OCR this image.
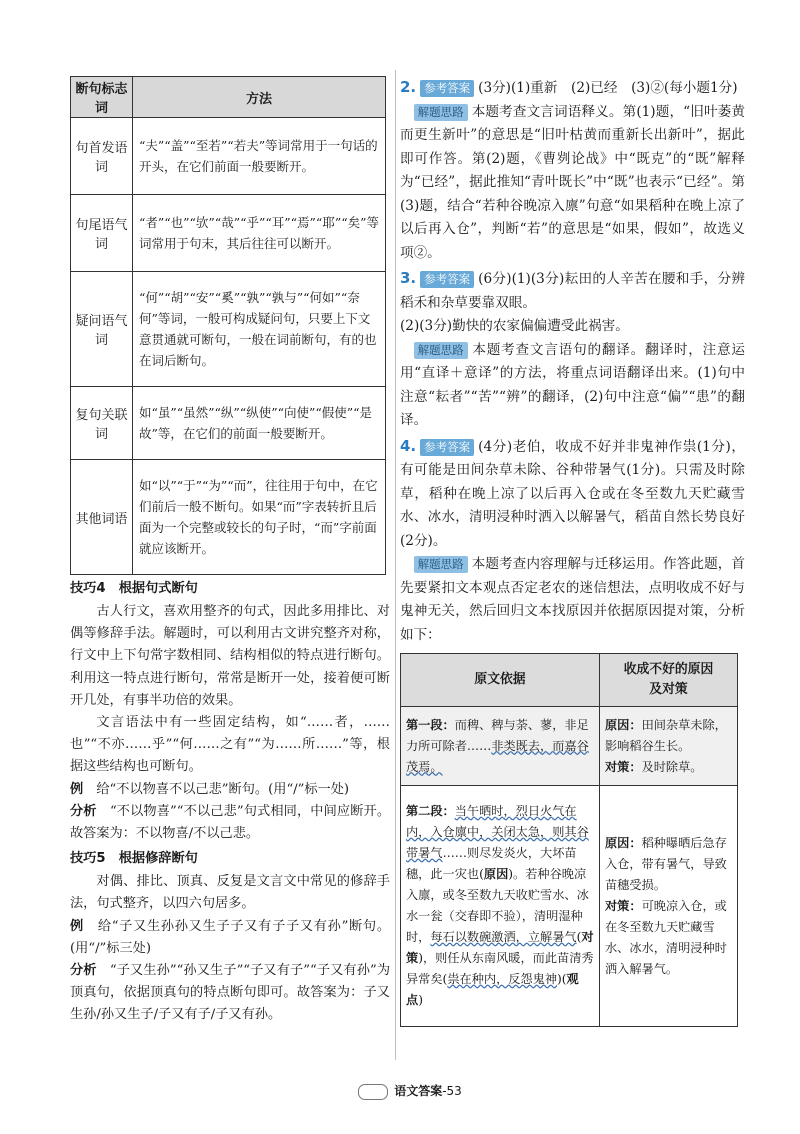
断句标志词	方法
句首发语词	“夫”“盖”“至若”“若夫”等词常用于一句话的开头，在它们前面一般要断开。
句尾语气词	“者”“也”“欤”“哉”“乎”“耳”“焉”“耶”“矣”等词常用于句末，其后往往可以断开。
疑问语气词	“何”“胡”“安”“奚”“孰”“孰与”“何如”“奈何”等词，一般可构成疑问句，只要上下文意贯通就可断句，一般在词前断句，有的也在词后断句。
复句关联词	如“虽”“虽然”“纵”“纵使”“向使”“假使”“是故”等，在它们的前面一般要断开。
其他词语	如“以”“于”“为”“而”，往往用于句中，在它们前后一般不断句。如果“而”字表转折且后面为一个完整或较长的句子时，“而”字前面就应该断开。

技巧4　根据句式断句

古人行文，喜欢用整齐的句式，因此多用排比、对偶等修辞手法。解题时，可以利用古文讲究整齐对称，行文中上下句常字数相同、结构相似的特点进行断句。利用这一特点进行断句，常常是断开一处，接着便可断开几处，有事半功倍的效果。

文言语法中有一些固定结构，如“……者，……也”“不亦……乎”“何……之有”“为……所……”等，根据这些结构也可断句。

例　 给“不以物喜不以己悲”断句。(用“/”标一处)

分析　 “不以物喜”“不以己悲”句式相同，中间应断开。故答案为：不以物喜/不以己悲。

技巧5　根据修辞断句

对偶、排比、顶真、反复是文言文中常见的修辞手法，句式整齐，以四六句居多。

例　 给“子又生孙孙又生子子又有子子又有孙”断句。(用“/”标三处)

分析　 “子又生孙”“孙又生子”“子又有子”“子又有孙”为顶真句，依据顶真句的特点断句即可。故答案为：子又生孙/孙又生子/子又有子/子又有孙。

2. 参考答案 (3分)(1)重新　(2)已经　(3)②(每小题1分)

解题思路 本题考查文言词语释义。第(1)题，“旧叶萎黄而更生新叶”的意思是“旧叶枯黄而重新长出新叶”，据此即可作答。第(2)题，《曹刿论战》中“既克”的“既”解释为“已经”，据此推知“青叶既长”中“既”也表示“已经”。第(3)题，结合“若种谷晚凉入廪”句意“如果稻种在晚上凉了以后再入仓”，判断“若”的意思是“如果，假如”，故选义项②。

3. 参考答案 (6分)(1)(3分)耘田的人辛苦在腰和手，分辨稻禾和杂草要靠双眼。

(2)(3分)勤快的农家偏偏遭受此祸害。

解题思路 本题考查文言语句的翻译。翻译时，注意运用“直译＋意译”的方法，将重点词语翻译出来。(1)句中注意“耘者”“苦”“辨”的翻译，(2)句中注意“偏”“患”的翻译。

4. 参考答案 (4分)老伯，收成不好并非鬼神作祟(1分)，有可能是田间杂草未除、谷种带暑气(1分)。只需及时除草，稻种在晚上凉了以后再入仓或在冬至数九天贮藏雪水、冰水，清明浸种时洒入以解暑气，稻苗自然长势良好(2分)。

解题思路 本题考查内容理解与迁移运用。作答此题，首先要紧扣文本观点否定老农的迷信想法，点明收成不好与鬼神无关，然后回归文本找原因并依据原因提对策，分析如下：

原文依据	收成不好的原因及对策
第一段：而稗、稗与荼、蓼，非足力所可除者……非类既去，而嘉谷茂焉。	原因：田间杂草未除，影响稻谷生长。
对策：及时除草。
第二段：当午晒时，烈日火气在内，入仓廪中，关闭太急，则其谷带暑气……则尽发炎火，大坏苗穗，此一灾也(原因)。若种谷晚凉入廪，或冬至数九天收贮雪水、冰水一瓮（交春即不验），清明湿种时，每石以数碗激洒，立解暑气(对策)，则任从东南风暖，而此苗清秀异常矣(祟在种内，反怨鬼神)(观点)	原因：稻种曝晒后急存入仓，带有暑气，导致苗穗受损。
对策：可晚凉入仓，或在冬至数九天贮藏雪水、冰水，清明浸种时洒入解暑气。
语文答案-53
